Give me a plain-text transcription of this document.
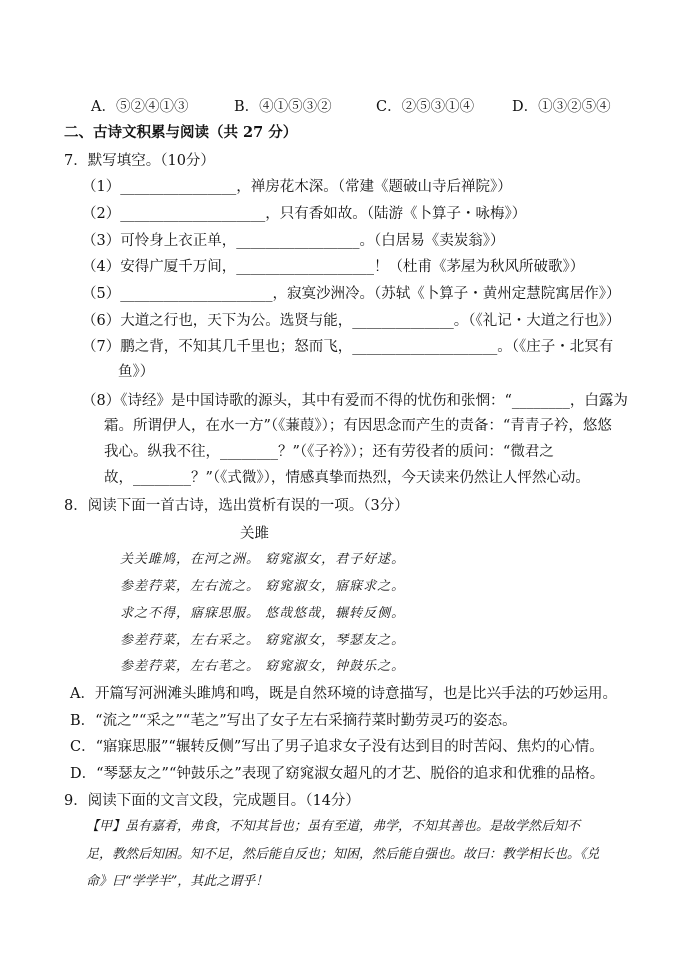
A．⑤②④①③	B．④①⑤③②	C．②⑤③①④	D．①③②⑤④
二、古诗文积累与阅读（共 27 分）
7．默写填空。（10分）
（1）________________，禅房花木深。（常建《题破山寺后禅院》）
（2）____________________，只有香如故。（陆游《卜算子・咏梅》）
（3）可怜身上衣正单，_________________。（白居易《卖炭翁》）
（4）安得广厦千万间，___________________！（杜甫《茅屋为秋风所破歌》）
（5）_____________________，寂寞沙洲冷。（苏轼《卜算子・黄州定慧院寓居作》）
（6）大道之行也，天下为公。选贤与能，______________。（《礼记・大道之行也》）
（7）鹏之背，不知其几千里也；怒而飞，____________________。（《庄子・北冥有
鱼》）
（8）《诗经》是中国诗歌的源头，其中有爱而不得的忧伤和张惘：“________，白露为
霜。所谓伊人，在水一方”（《蒹葭》）；有因思念而产生的责备：“青青子衿，悠悠
我心。纵我不往，________？”（《子衿》）；还有劳役者的质问：“微君之
故，________？”（《式微》），情感真挚而热烈，今天读来仍然让人怦然心动。
8．阅读下面一首古诗，选出赏析有误的一项。（3分）
关雎
关关雎鸠，在河之洲。 窈窕淑女，君子好逑。
参差荇菜，左右流之。 窈窕淑女，寤寐求之。
求之不得，寤寐思服。 悠哉悠哉，辗转反侧。
参差荇菜，左右采之。 窈窕淑女，琴瑟友之。
参差荇菜，左右芼之。 窈窕淑女，钟鼓乐之。
A．开篇写河洲滩头雎鸠和鸣，既是自然环境的诗意描写，也是比兴手法的巧妙运用。
B．“流之”“采之”“芼之”写出了女子左右采摘荇菜时勤劳灵巧的姿态。
C．“寤寐思服”“辗转反侧”写出了男子追求女子没有达到目的时苦闷、焦灼的心情。
D．“琴瑟友之”“钟鼓乐之”表现了窈窕淑女超凡的才艺、脱俗的追求和优雅的品格。
9．阅读下面的文言文段，完成题目。（14分）
【甲】虽有嘉肴，弗食，不知其旨也；虽有至道，弗学，不知其善也。是故学然后知不
足，教然后知困。知不足，然后能自反也；知困，然后能自强也。故曰：教学相长也。《兑
命》曰“学学半”，其此之谓乎！
